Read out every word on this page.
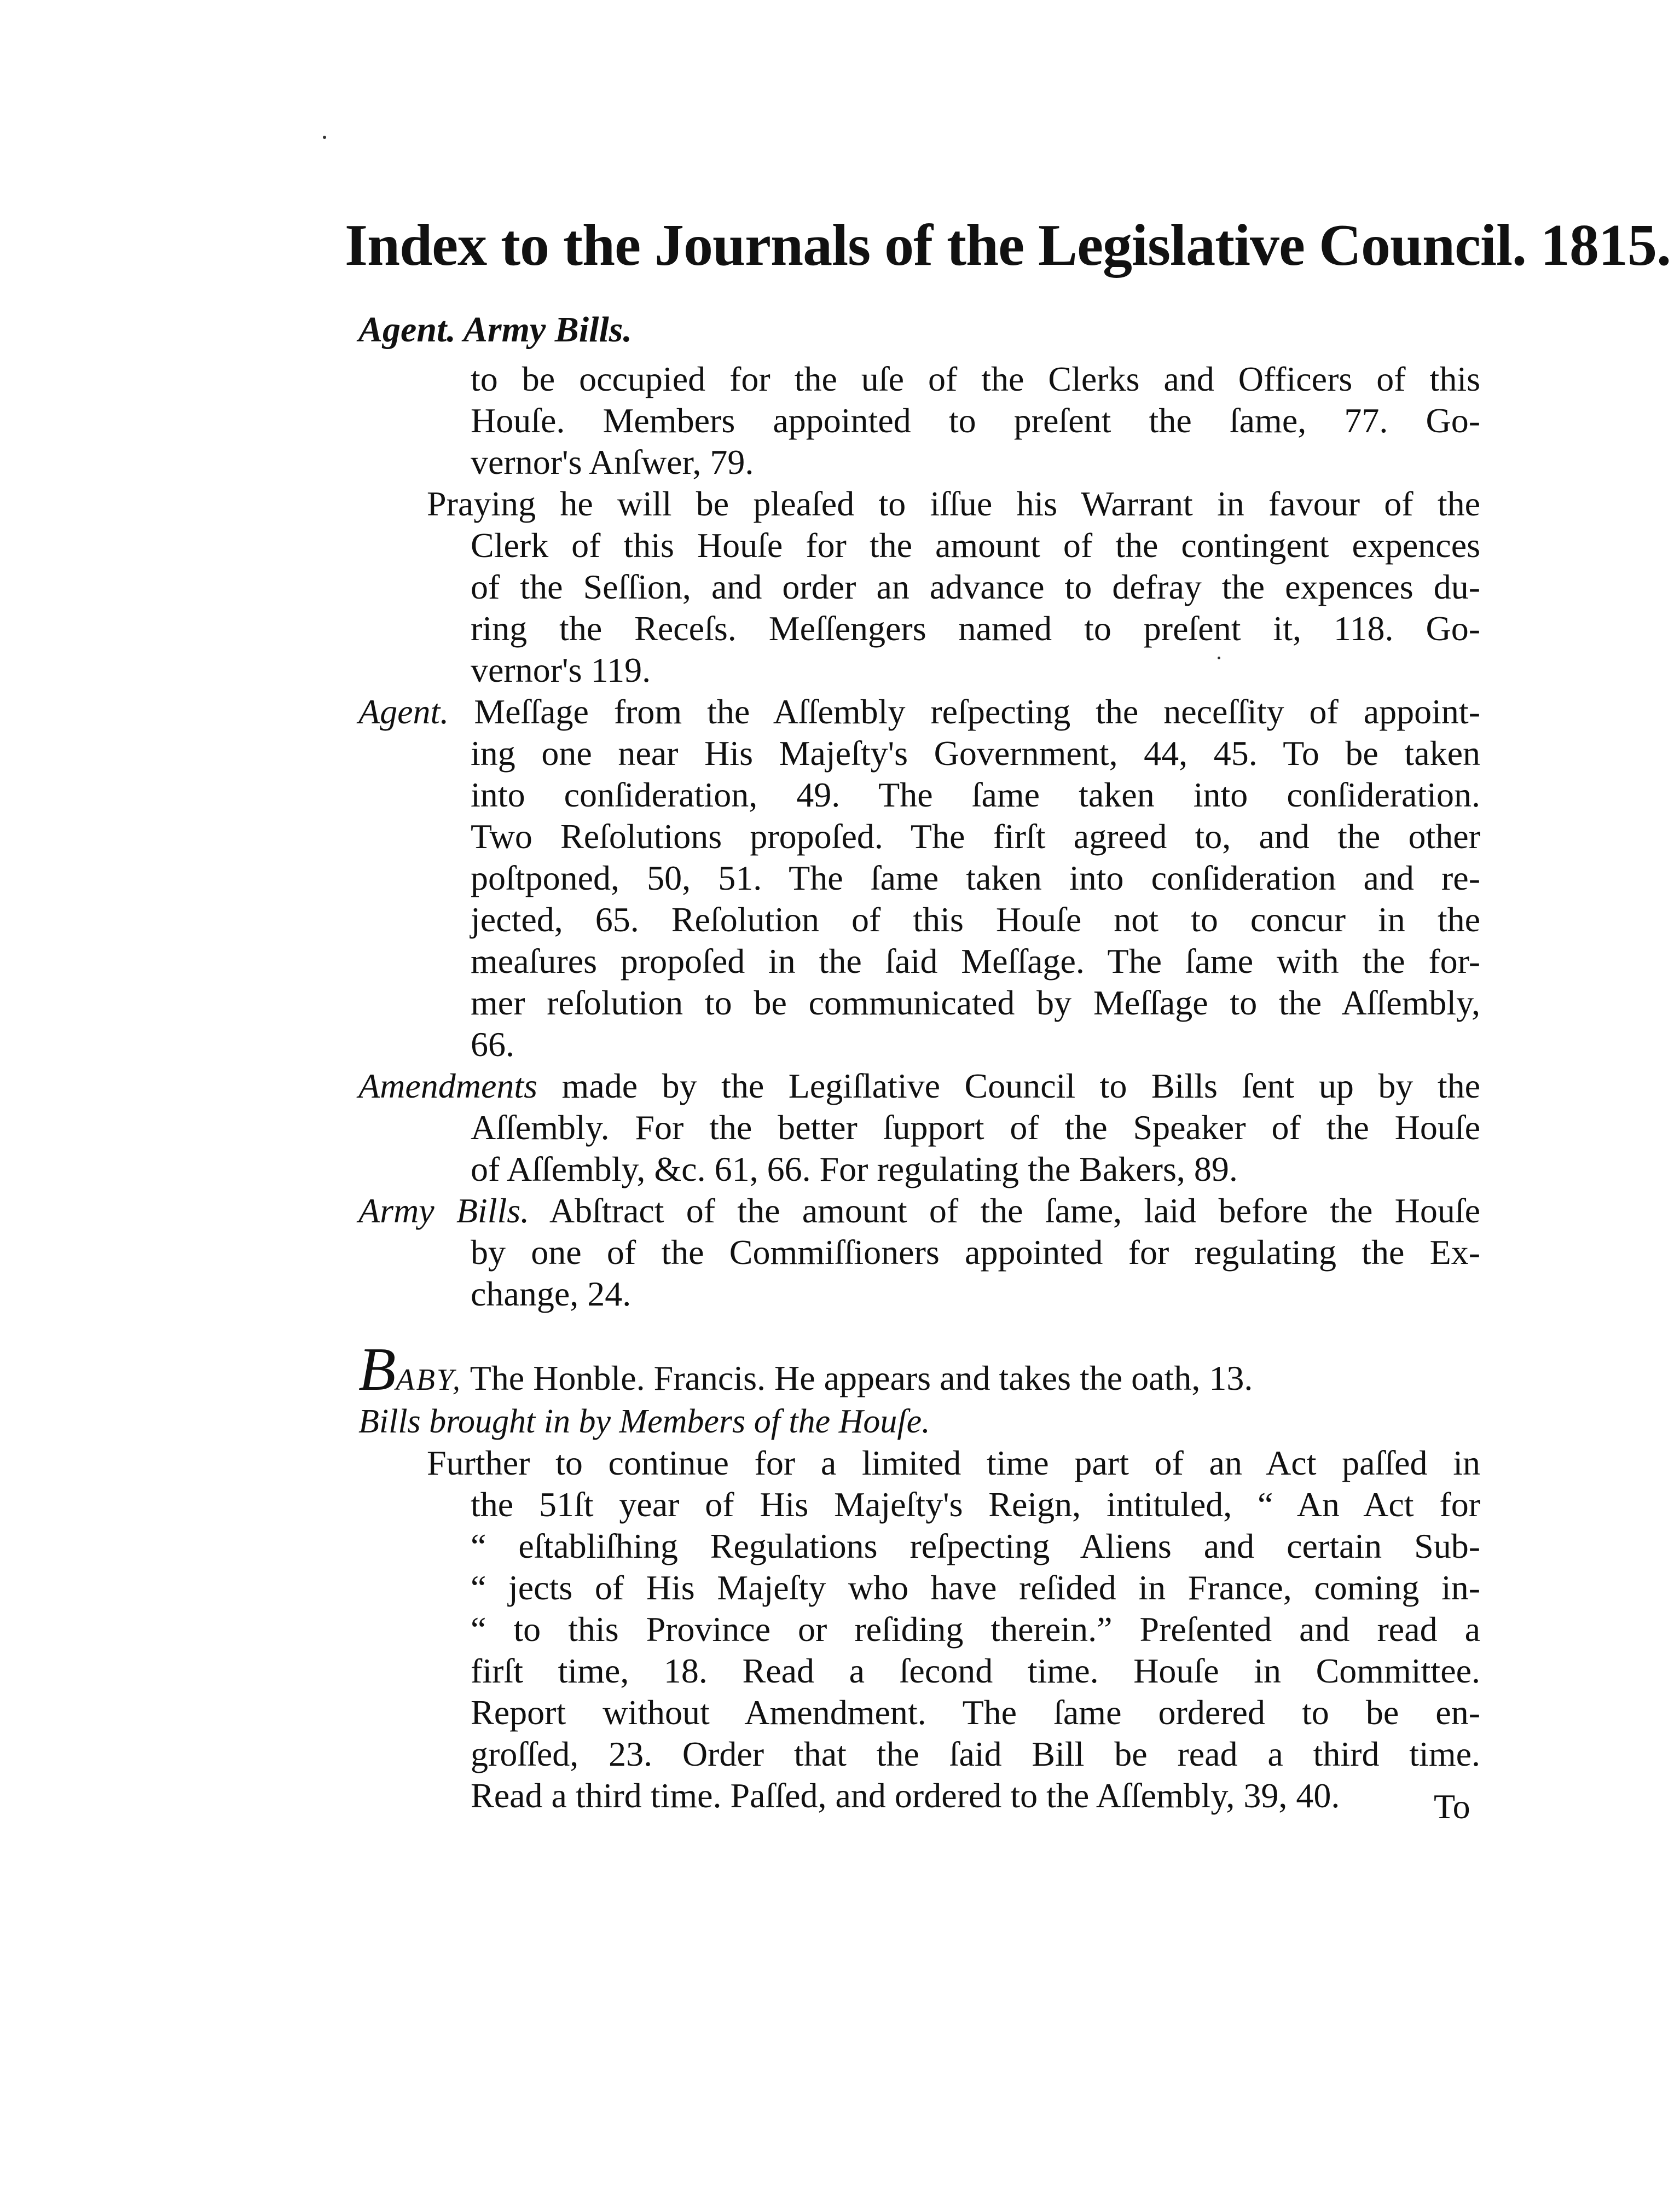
Index to the Journals of the Legislative Council. 1815.
Agent. Army Bills.
to be occupied for the uſe of the Clerks and Officers of this
Houſe. Members appointed to preſent the ſame, 77. Go-
vernor's Anſwer, 79.
Praying he will be pleaſed to iſſue his Warrant in favour of the
Clerk of this Houſe for the amount of the contingent expences
of the Seſſion, and order an advance to defray the expences du-
ring the Receſs. Meſſengers named to preſent it, 118. Go-
vernor's 119.
Agent. Meſſage from the Aſſembly reſpecting the neceſſity of appoint-
ing one near His Majeſty's Government, 44, 45. To be taken
into conſideration, 49. The ſame taken into conſideration.
Two Reſolutions propoſed. The firſt agreed to, and the other
poſtponed, 50, 51. The ſame taken into conſideration and re-
jected, 65. Reſolution of this Houſe not to concur in the
meaſures propoſed in the ſaid Meſſage. The ſame with the for-
mer reſolution to be communicated by Meſſage to the Aſſembly,
66.
Amendments made by the Legiſlative Council to Bills ſent up by the
Aſſembly. For the better ſupport of the Speaker of the Houſe
of Aſſembly, &c. 61, 66. For regulating the Bakers, 89.
Army Bills. Abſtract of the amount of the ſame, laid before the Houſe
by one of the Commiſſioners appointed for regulating the Ex-
change, 24.
BABY, The Honble. Francis. He appears and takes the oath, 13.
Bills brought in by Members of the Houſe.
Further to continue for a limited time part of an Act paſſed in
the 51ſt year of His Majeſty's Reign, intituled, “ An Act for
“ eſtabliſhing Regulations reſpecting Aliens and certain Sub-
“ jects of His Majeſty who have reſided in France, coming in-
“ to this Province or reſiding therein.” Preſented and read a
firſt time, 18. Read a ſecond time. Houſe in Committee.
Report without Amendment. The ſame ordered to be en-
groſſed, 23. Order that the ſaid Bill be read a third time.
Read a third time. Paſſed, and ordered to the Aſſembly, 39, 40.	To
